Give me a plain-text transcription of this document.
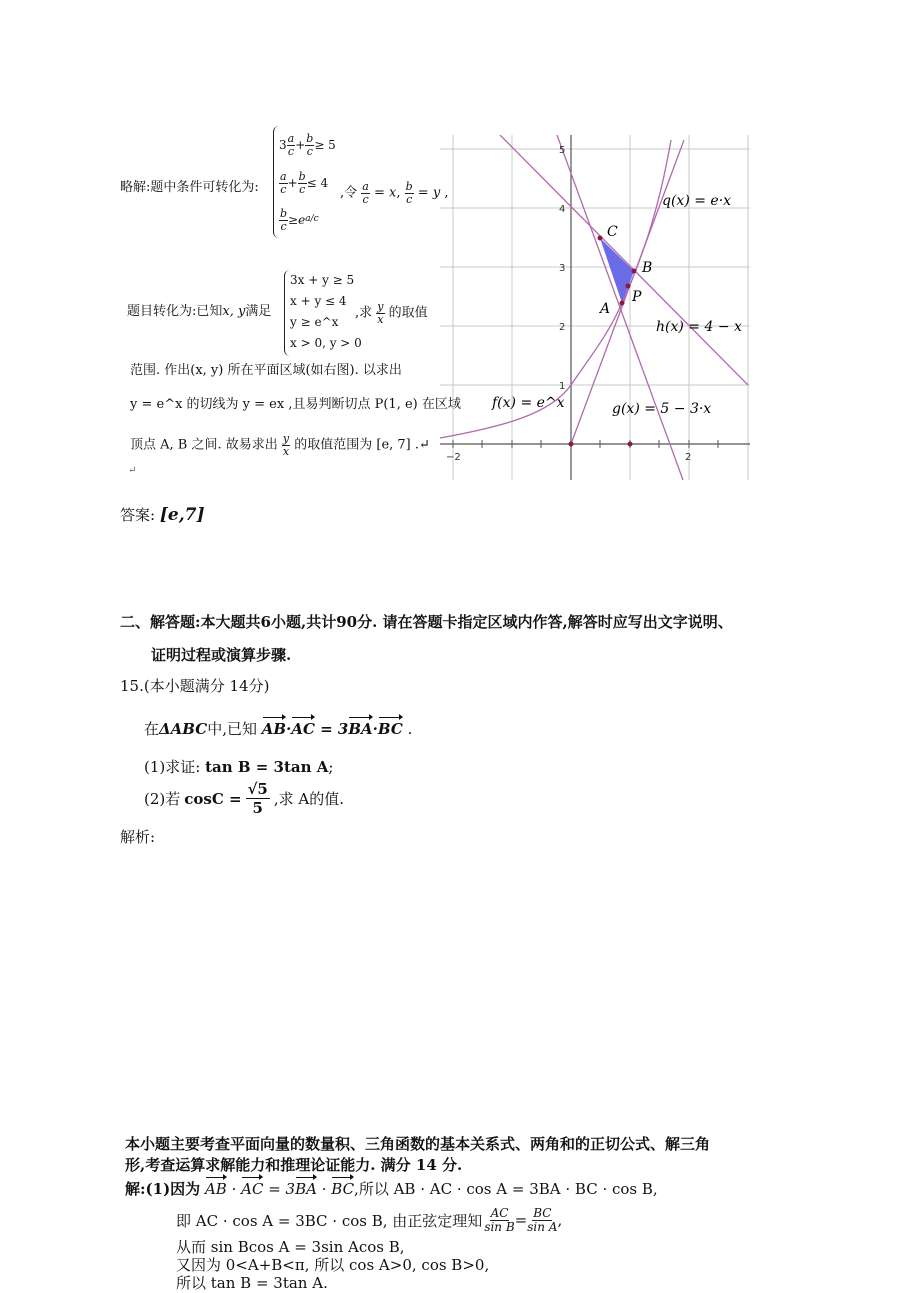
略解:题中条件可转化为:
$3 \frac{a}{c} + \frac{b}{c} \ge 5$
$\frac{a}{c} + \frac{b}{c} \le 4$
$\frac{b}{c} \ge e$ a/c
,令 $\frac{a}{c} = x$, $\frac{b}{c} = y$ ,
题目转化为:已知x, y满足
3x + y ≥ 5
x + y ≤ 4
y ≥ e^x
x > 0, y > 0
,求 $\frac{y}{x}$ 的取值
范围. 作出(x, y) 所在平面区域(如右图). 以求出
y = e^x 的切线为 y = ex ,且易判断切点 P(1, e) 在区域
顶点 A, B 之间. 故易求出 $\frac{y}{x}$ 的取值范围为 [e, 7] .↵
↵
C
B
P
A
q(x) = e·x
h(x) = 4 − x
f(x) = e^x	g(x) = 5 − 3·x
5
4
3
2
1
−2	2
答案: [e,7]
二、解答题:本大题共6小题,共计90分. 请在答题卡指定区域内作答,解答时应写出文字说明、
证明过程或演算步骤.
15.(本小题满分 14分)
在ΔABC中,已知 AB·AC = 3BA·BC .
(1)求证: tan B = 3tan A;
(2)若 $\cos C = \frac{√5}{5}$ ,求 A的值.
解析:
本小题主要考查平面向量的数量积、三角函数的基本关系式、两角和的正切公式、解三角
形,考查运算求解能力和推理论证能力. 满分 14 分.
解:(1)因为 AB · AC = 3BA · BC,所以 AB · AC · cos A = 3BA · BC · cos B,
即 AC · cos A = 3BC · cos B, 由正弦定理知 $\frac{AC}{\text{sin B}} = \frac{BC}{\text{sin A}}$ ,
从而 sin Bcos A = 3sin Acos B,
又因为 0<A+B<π, 所以 cos A>0, cos B>0,
所以 tan B = 3tan A.
